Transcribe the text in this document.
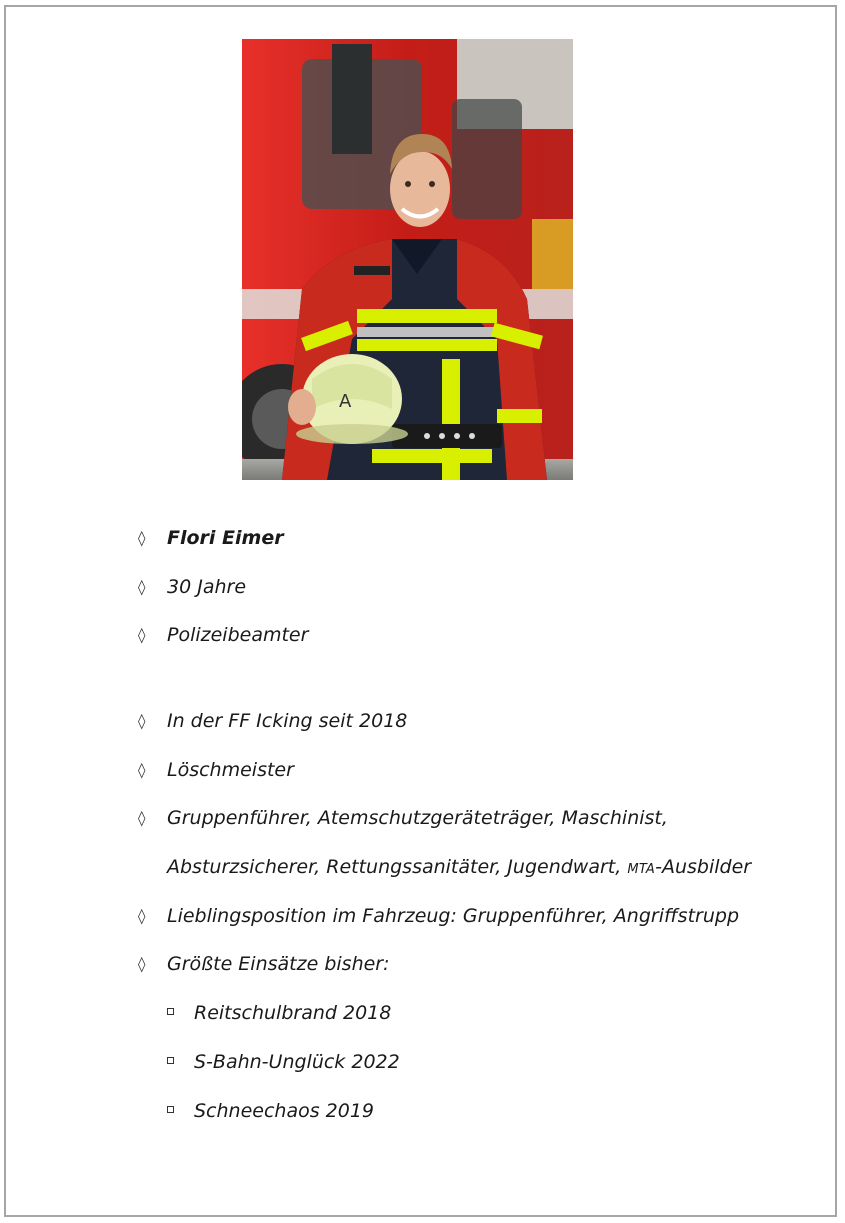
A
◊ Flori Eimer
◊ 30 Jahre
◊ Polizeibeamter
◊ In der FF Icking seit 2018
◊ Löschmeister
◊ Gruppenführer, Atemschutzgeräteträger, Maschinist,
Absturzsicherer, Rettungssanitäter, Jugendwart, MTA-Ausbilder
◊ Lieblingsposition im Fahrzeug: Gruppenführer, Angriffstrupp
◊ Größte Einsätze bisher:
Reitschulbrand 2018
S-Bahn-Unglück 2022
Schneechaos 2019
